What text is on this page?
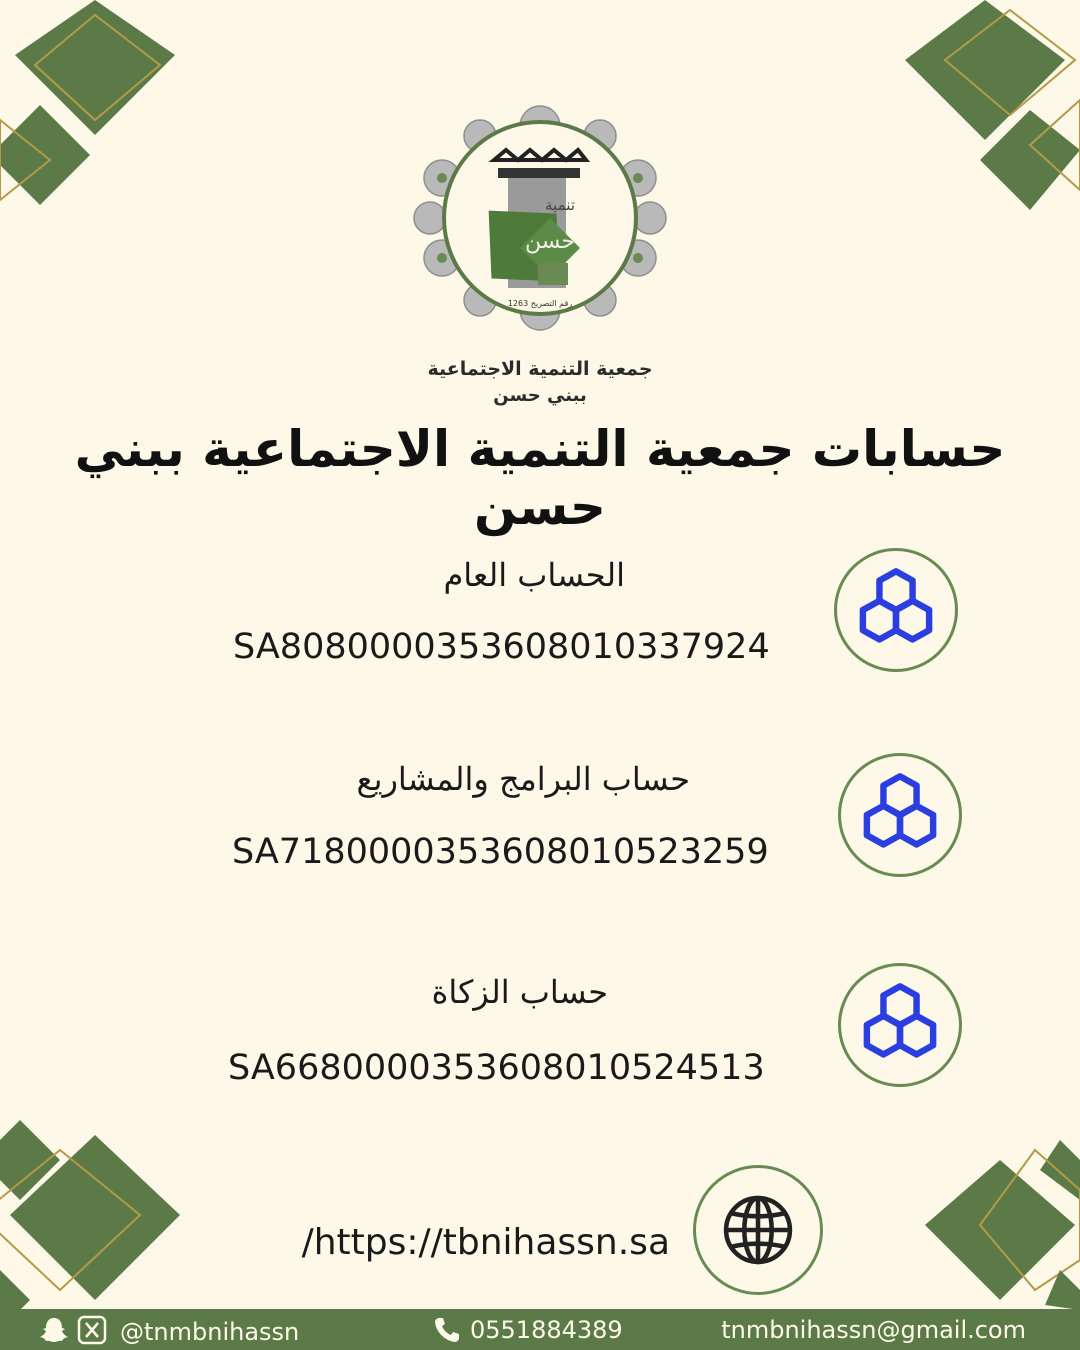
حسن
تنمية
رقم التصريح 1263
جمعية التنمية الاجتماعية
ببني حسن
حسابات جمعية التنمية الاجتماعية ببني حسن
الحساب العام
SA8080000353608010337924
حساب البرامج والمشاريع
SA7180000353608010523259
حساب الزكاة
SA6680000353608010524513
/https://tbnihassn.sa
@tnmbnihassn	0551884389	tnmbnihassn@gmail.com
